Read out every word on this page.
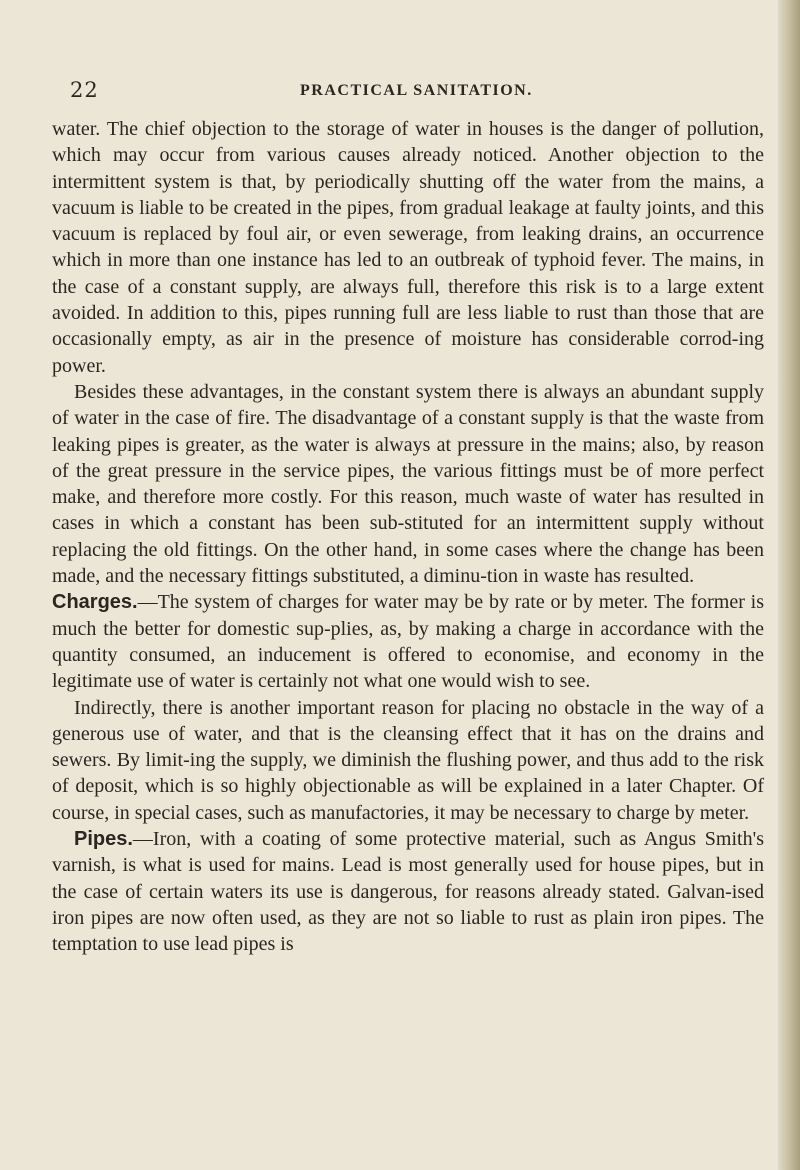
22	PRACTICAL SANITATION.

water. The chief objection to the storage of water in houses is the danger of pollution, which may occur from various causes already noticed. Another objection to the intermittent system is that, by periodically shutting off the water from the mains, a vacuum is liable to be created in the pipes, from gradual leakage at faulty joints, and this vacuum is replaced by foul air, or even sewerage, from leaking drains, an occurrence which in more than one instance has led to an outbreak of typhoid fever. The mains, in the case of a constant supply, are always full, therefore this risk is to a large extent avoided. In addition to this, pipes running full are less liable to rust than those that are occasionally empty, as air in the presence of moisture has considerable corrod-ing power.

Besides these advantages, in the constant system there is always an abundant supply of water in the case of fire. The disadvantage of a constant supply is that the waste from leaking pipes is greater, as the water is always at pressure in the mains; also, by reason of the great pressure in the service pipes, the various fittings must be of more perfect make, and therefore more costly. For this reason, much waste of water has resulted in cases in which a constant has been sub-stituted for an intermittent supply without replacing the old fittings. On the other hand, in some cases where the change has been made, and the necessary fittings substituted, a diminu-tion in waste has resulted.

Charges.—The system of charges for water may be by rate or by meter. The former is much the better for domestic sup-plies, as, by making a charge in accordance with the quantity consumed, an inducement is offered to economise, and economy in the legitimate use of water is certainly not what one would wish to see.

Indirectly, there is another important reason for placing no obstacle in the way of a generous use of water, and that is the cleansing effect that it has on the drains and sewers. By limit-ing the supply, we diminish the flushing power, and thus add to the risk of deposit, which is so highly objectionable as will be explained in a later Chapter. Of course, in special cases, such as manufactories, it may be necessary to charge by meter.

Pipes.—Iron, with a coating of some protective material, such as Angus Smith's varnish, is what is used for mains. Lead is most generally used for house pipes, but in the case of certain waters its use is dangerous, for reasons already stated. Galvan-ised iron pipes are now often used, as they are not so liable to rust as plain iron pipes. The temptation to use lead pipes is
